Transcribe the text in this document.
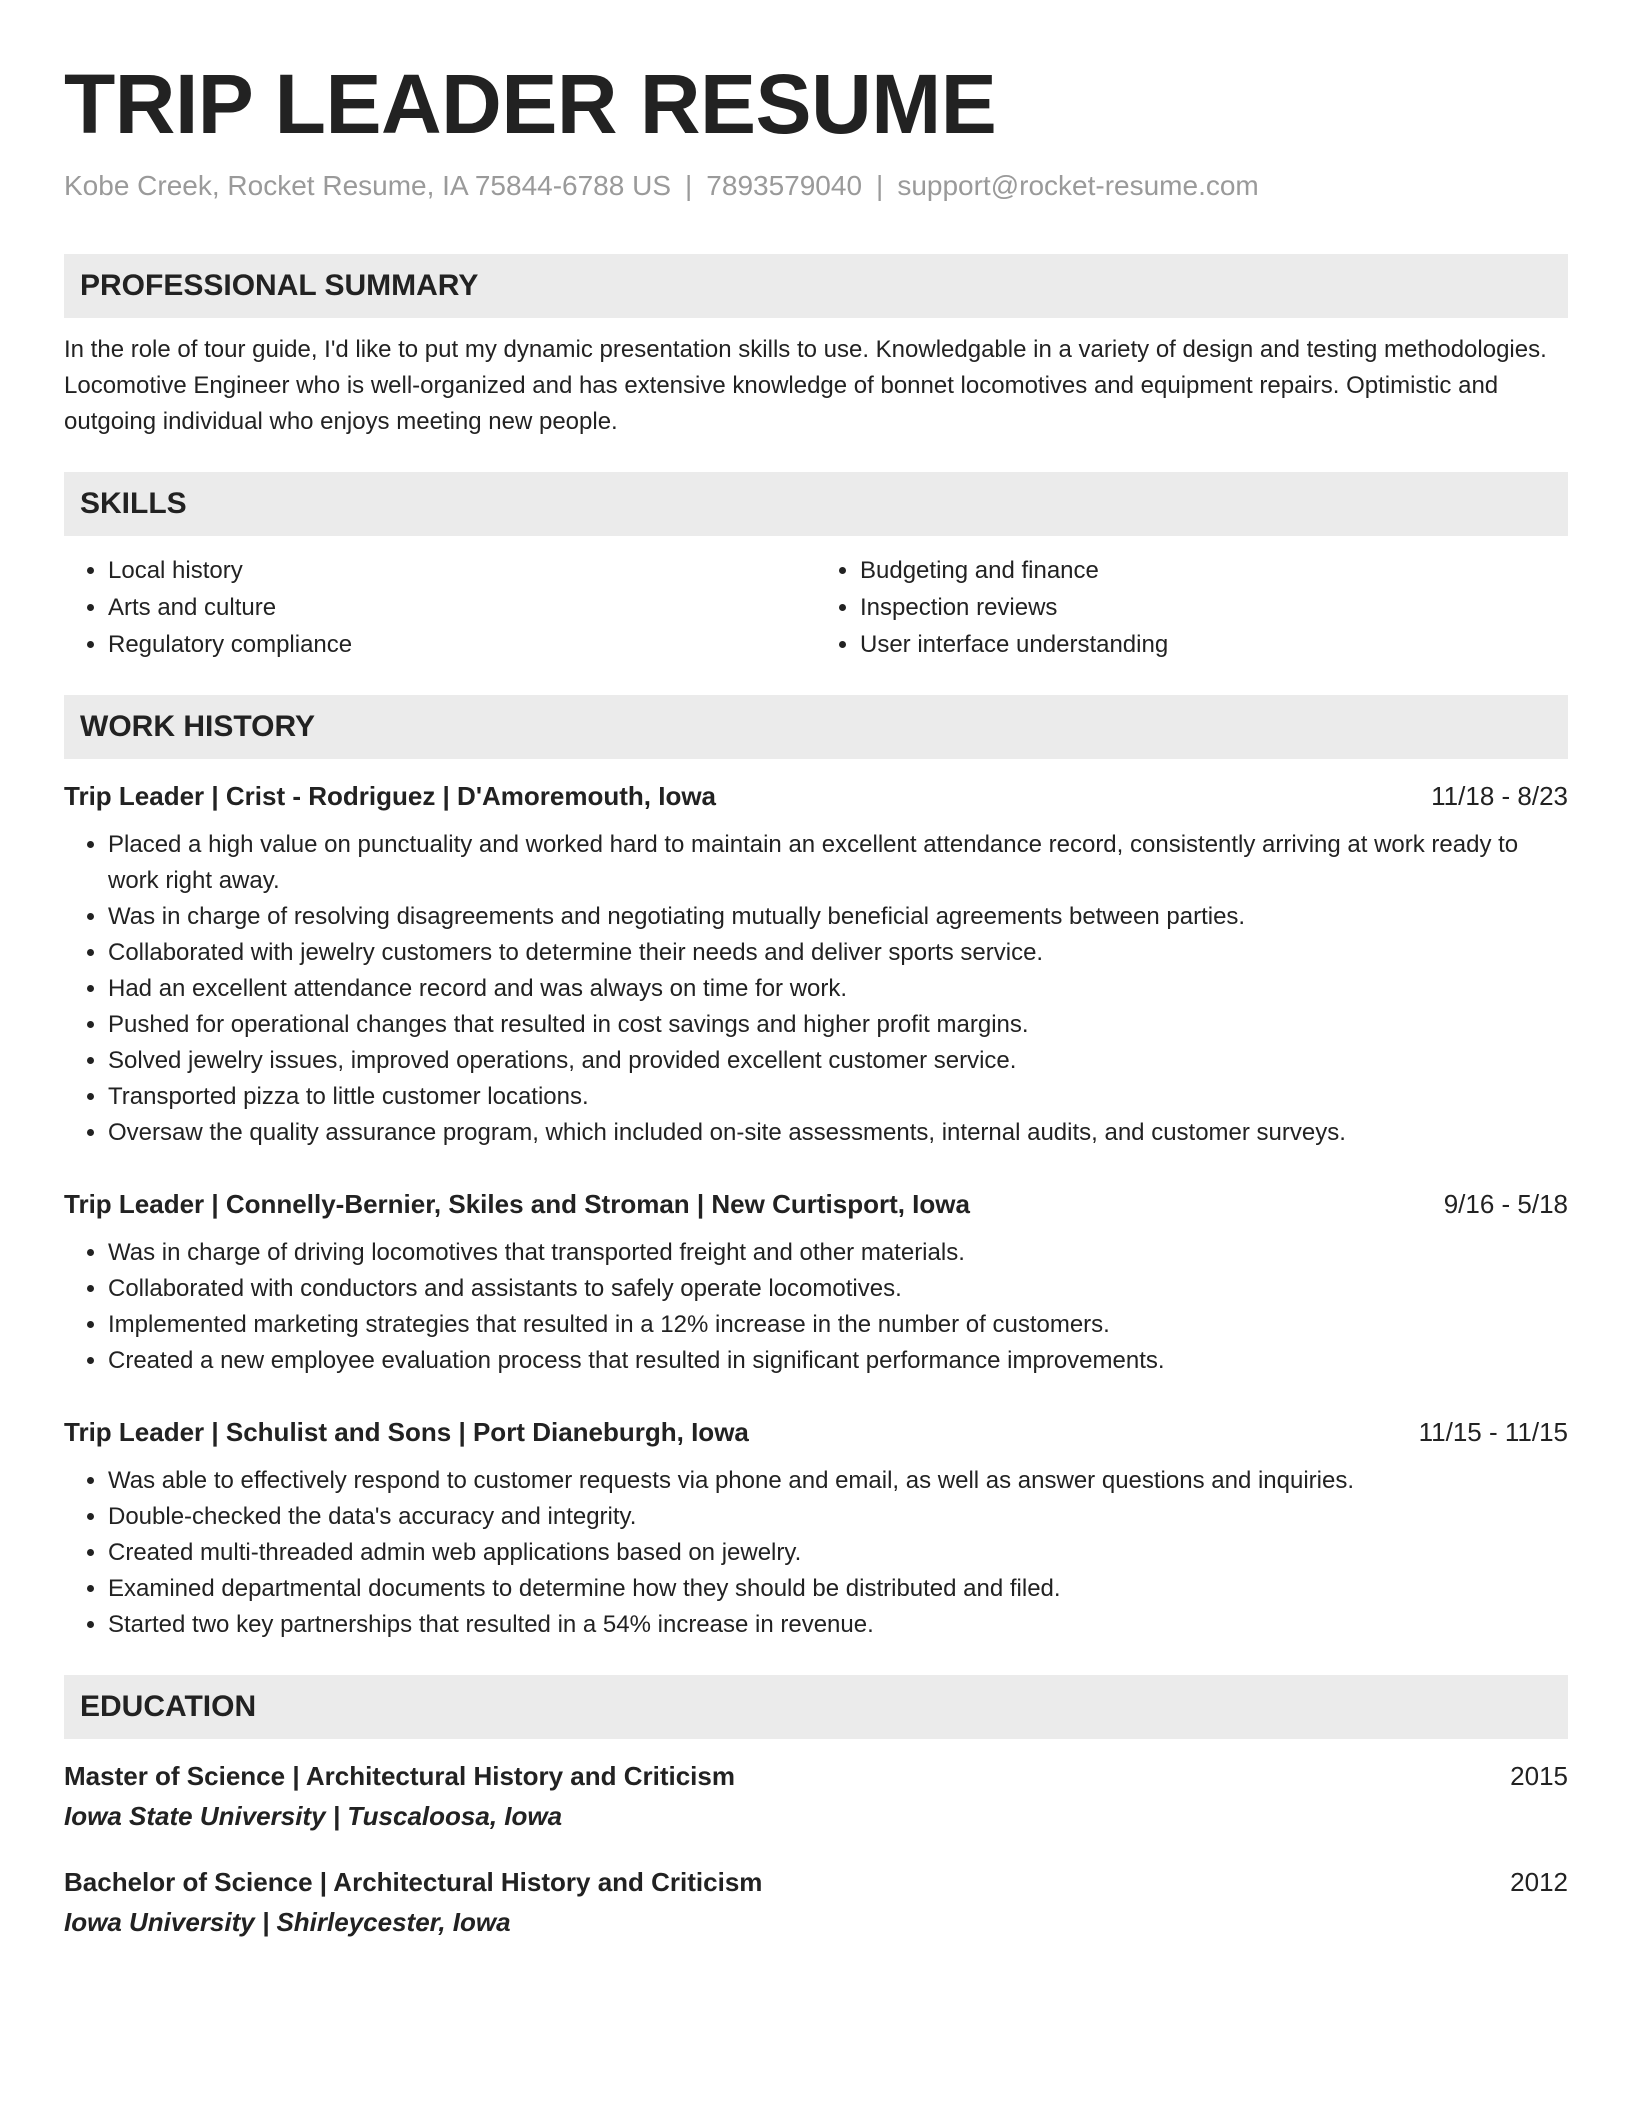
TRIP LEADER RESUME
Kobe Creek, Rocket Resume, IA 75844-6788 US | 7893579040 | support@rocket-resume.com
PROFESSIONAL SUMMARY
In the role of tour guide, I'd like to put my dynamic presentation skills to use. Knowledgable in a variety of design and testing methodologies. Locomotive Engineer who is well-organized and has extensive knowledge of bonnet locomotives and equipment repairs. Optimistic and outgoing individual who enjoys meeting new people.
SKILLS
• Local history
• Arts and culture
• Regulatory compliance
• Budgeting and finance
• Inspection reviews
• User interface understanding
WORK HISTORY
Trip Leader | Crist - Rodriguez | D'Amoremouth, Iowa	11/18 - 8/23
• Placed a high value on punctuality and worked hard to maintain an excellent attendance record, consistently arriving at work ready to work right away.
• Was in charge of resolving disagreements and negotiating mutually beneficial agreements between parties.
• Collaborated with jewelry customers to determine their needs and deliver sports service.
• Had an excellent attendance record and was always on time for work.
• Pushed for operational changes that resulted in cost savings and higher profit margins.
• Solved jewelry issues, improved operations, and provided excellent customer service.
• Transported pizza to little customer locations.
• Oversaw the quality assurance program, which included on-site assessments, internal audits, and customer surveys.
Trip Leader | Connelly-Bernier, Skiles and Stroman | New Curtisport, Iowa	9/16 - 5/18
• Was in charge of driving locomotives that transported freight and other materials.
• Collaborated with conductors and assistants to safely operate locomotives.
• Implemented marketing strategies that resulted in a 12% increase in the number of customers.
• Created a new employee evaluation process that resulted in significant performance improvements.
Trip Leader | Schulist and Sons | Port Dianeburgh, Iowa	11/15 - 11/15
• Was able to effectively respond to customer requests via phone and email, as well as answer questions and inquiries.
• Double-checked the data's accuracy and integrity.
• Created multi-threaded admin web applications based on jewelry.
• Examined departmental documents to determine how they should be distributed and filed.
• Started two key partnerships that resulted in a 54% increase in revenue.
EDUCATION
Master of Science | Architectural History and Criticism	2015
Iowa State University | Tuscaloosa, Iowa
Bachelor of Science | Architectural History and Criticism	2012
Iowa University | Shirleycester, Iowa
